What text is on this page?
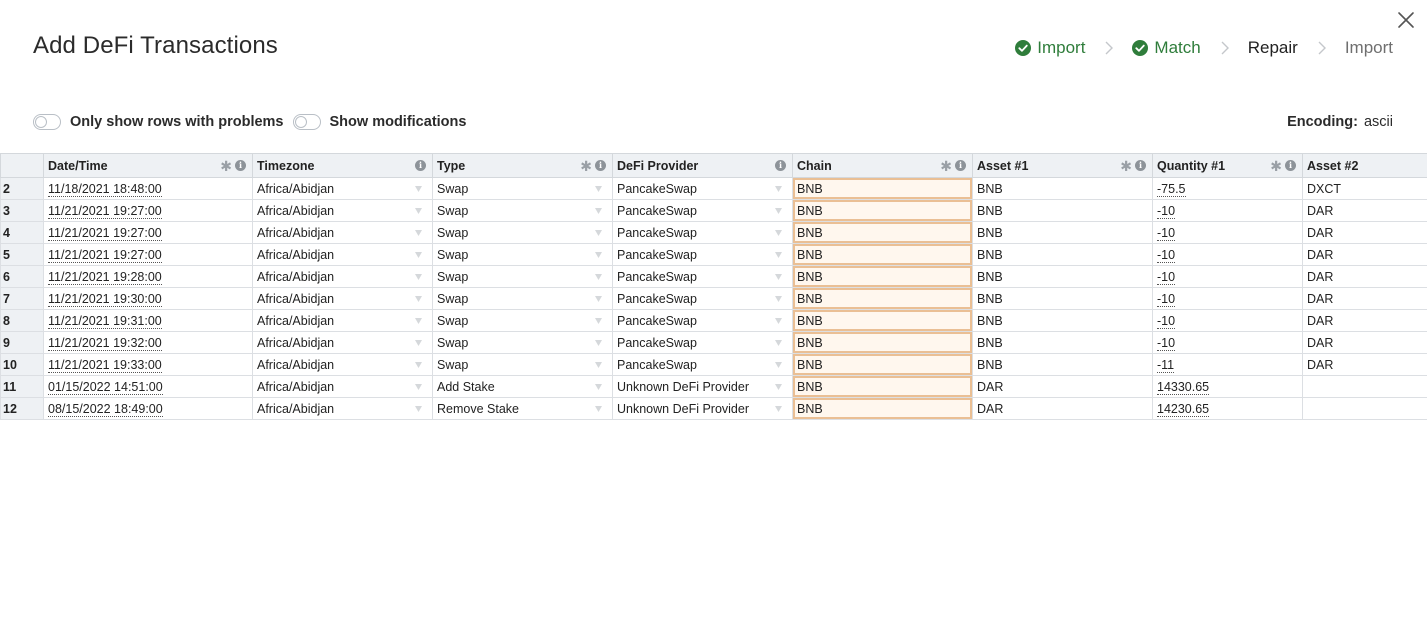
Add DeFi Transactions	Import	Match	Repair	Import
Only show rows with problems	Show modifications	Encoding: ascii

	Date/Time ✱ i	Timezone i	Type ✱ i	DeFi Provider i	Chain ✱ i	Asset #1 ✱ i	Quantity #1 ✱ i	Asset #2

2	11/18/2021 18:48:00	Africa/Abidjan	Swap	PancakeSwap	BNB	BNB	-75.5	DXCT
3	11/21/2021 19:27:00	Africa/Abidjan	Swap	PancakeSwap	BNB	BNB	-10	DAR
4	11/21/2021 19:27:00	Africa/Abidjan	Swap	PancakeSwap	BNB	BNB	-10	DAR
5	11/21/2021 19:27:00	Africa/Abidjan	Swap	PancakeSwap	BNB	BNB	-10	DAR
6	11/21/2021 19:28:00	Africa/Abidjan	Swap	PancakeSwap	BNB	BNB	-10	DAR
7	11/21/2021 19:30:00	Africa/Abidjan	Swap	PancakeSwap	BNB	BNB	-10	DAR
8	11/21/2021 19:31:00	Africa/Abidjan	Swap	PancakeSwap	BNB	BNB	-10	DAR
9	11/21/2021 19:32:00	Africa/Abidjan	Swap	PancakeSwap	BNB	BNB	-10	DAR
10	11/21/2021 19:33:00	Africa/Abidjan	Swap	PancakeSwap	BNB	BNB	-11	DAR
11	01/15/2022 14:51:00	Africa/Abidjan	Add Stake	Unknown DeFi Provider	BNB	DAR	14330.65	
12	08/15/2022 18:49:00	Africa/Abidjan	Remove Stake	Unknown DeFi Provider	BNB	DAR	14230.65	
